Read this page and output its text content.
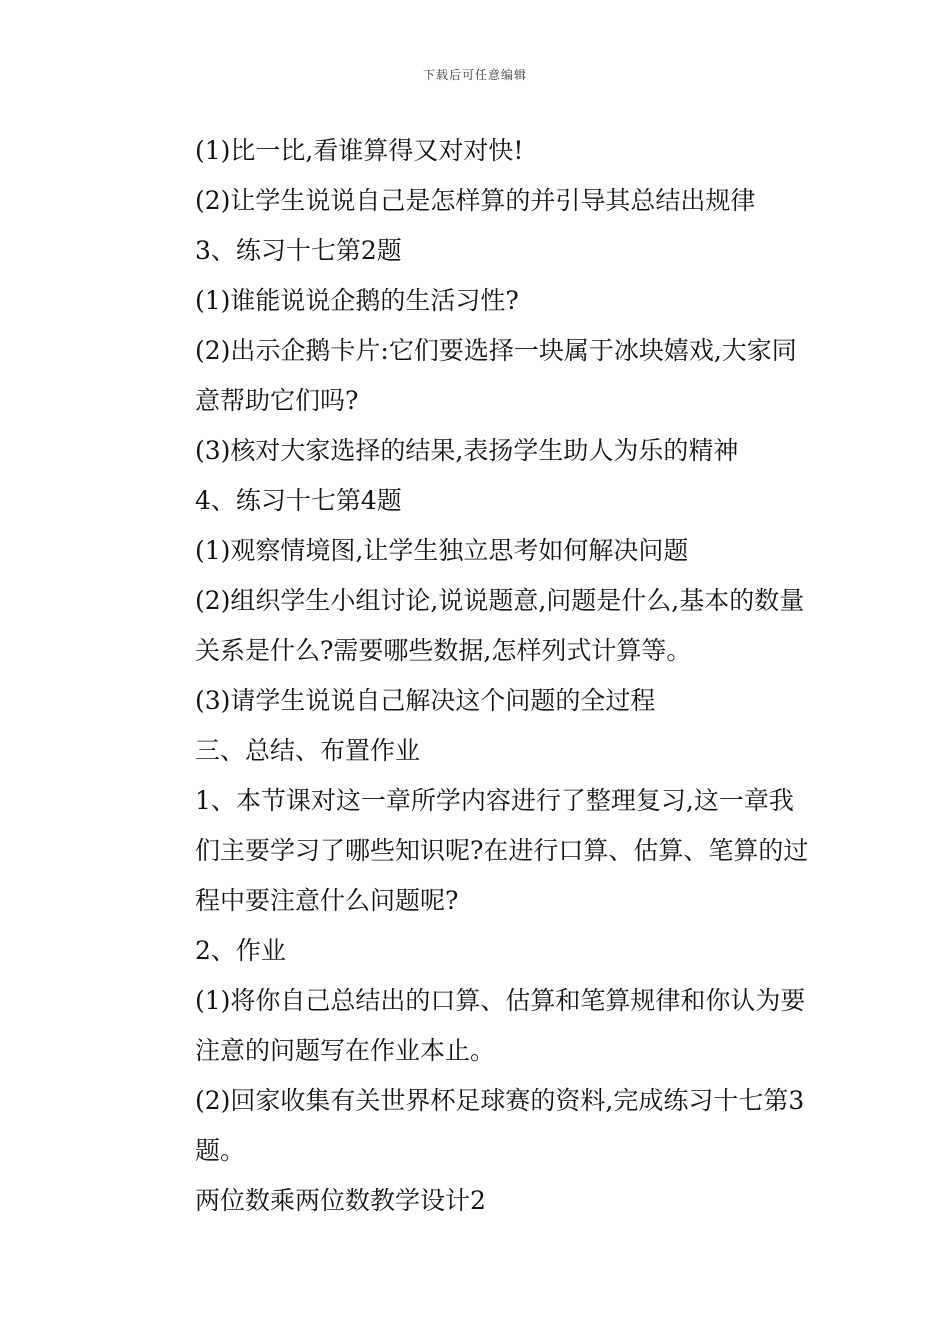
下载后可任意编辑

(1)比一比,看谁算得又对对快!

(2)让学生说说自己是怎样算的并引导其总结出规律

3、练习十七第2题

(1)谁能说说企鹅的生活习性?

(2)出示企鹅卡片:它们要选择一块属于冰块嬉戏,大家同意帮助它们吗?

(3)核对大家选择的结果,表扬学生助人为乐的精神

4、练习十七第4题

(1)观察情境图,让学生独立思考如何解决问题

(2)组织学生小组讨论,说说题意,问题是什么,基本的数量关系是什么?需要哪些数据,怎样列式计算等。

(3)请学生说说自己解决这个问题的全过程

三、总结、布置作业

1、本节课对这一章所学内容进行了整理复习,这一章我们主要学习了哪些知识呢?在进行口算、估算、笔算的过程中要注意什么问题呢?

2、作业

(1)将你自己总结出的口算、估算和笔算规律和你认为要注意的问题写在作业本止。

(2)回家收集有关世界杯足球赛的资料,完成练习十七第3题。

两位数乘两位数教学设计2
